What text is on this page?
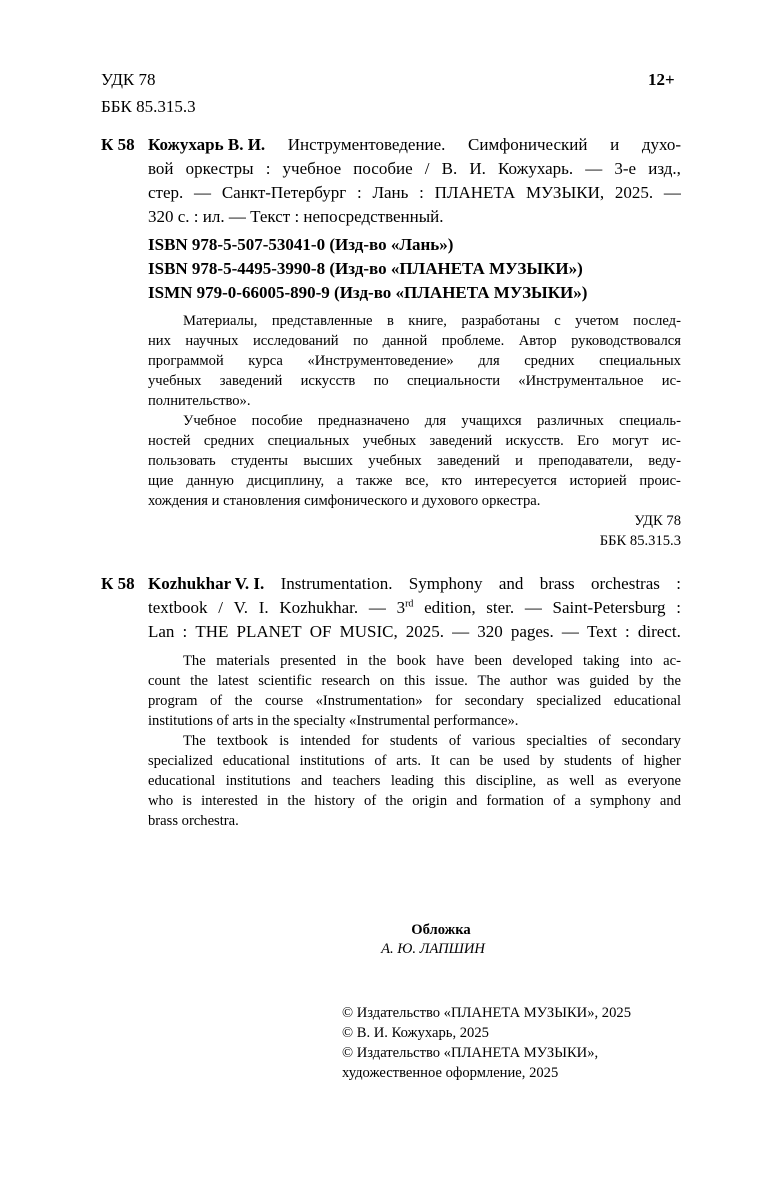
УДК 78
ББК 85.315.3
12+
К 58 Кожухарь В. И. Инструментоведение. Симфонический и духо-
вой оркестры : учебное пособие / В. И. Кожухарь. — 3-е изд.,
стер. — Санкт-Петербург : Лань : ПЛАНЕТА МУЗЫКИ, 2025. —
320 с. : ил. — Текст : непосредственный.
ISBN 978-5-507-53041-0 (Изд-во «Лань»)
ISBN 978-5-4495-3990-8 (Изд-во «ПЛАНЕТА МУЗЫКИ»)
ISMN 979-0-66005-890-9 (Изд-во «ПЛАНЕТА МУЗЫКИ»)
Материалы, представленные в книге, разработаны с учетом послед-
них научных исследований по данной проблеме. Автор руководствовался
программой курса «Инструментоведение» для средних специальных
учебных заведений искусств по специальности «Инструментальное ис-
полнительство».
Учебное пособие предназначено для учащихся различных специаль-
ностей средних специальных учебных заведений искусств. Его могут ис-
пользовать студенты высших учебных заведений и преподаватели, веду-
щие данную дисциплину, а также все, кто интересуется историей проис-
хождения и становления симфонического и духового оркестра.
УДК 78
ББК 85.315.3
К 58 Kozhukhar V. I. Instrumentation. Symphony and brass orchestras :
textbook / V. I. Kozhukhar. — 3rd edition, ster. — Saint-Petersburg :
Lan : THE PLANET OF MUSIC, 2025. — 320 pages. — Text : direct.
The materials presented in the book have been developed taking into ac-
count the latest scientific research on this issue. The author was guided by the
program of the course «Instrumentation» for secondary specialized educational
institutions of arts in the specialty «Instrumental performance».
The textbook is intended for students of various specialties of secondary
specialized educational institutions of arts. It can be used by students of higher
educational institutions and teachers leading this discipline, as well as everyone
who is interested in the history of the origin and formation of a symphony and
brass orchestra.
Обложка
А. Ю. ЛАПШИН
© Издательство «ПЛАНЕТА МУЗЫКИ», 2025
© В. И. Кожухарь, 2025
© Издательство «ПЛАНЕТА МУЗЫКИ»,
художественное оформление, 2025
